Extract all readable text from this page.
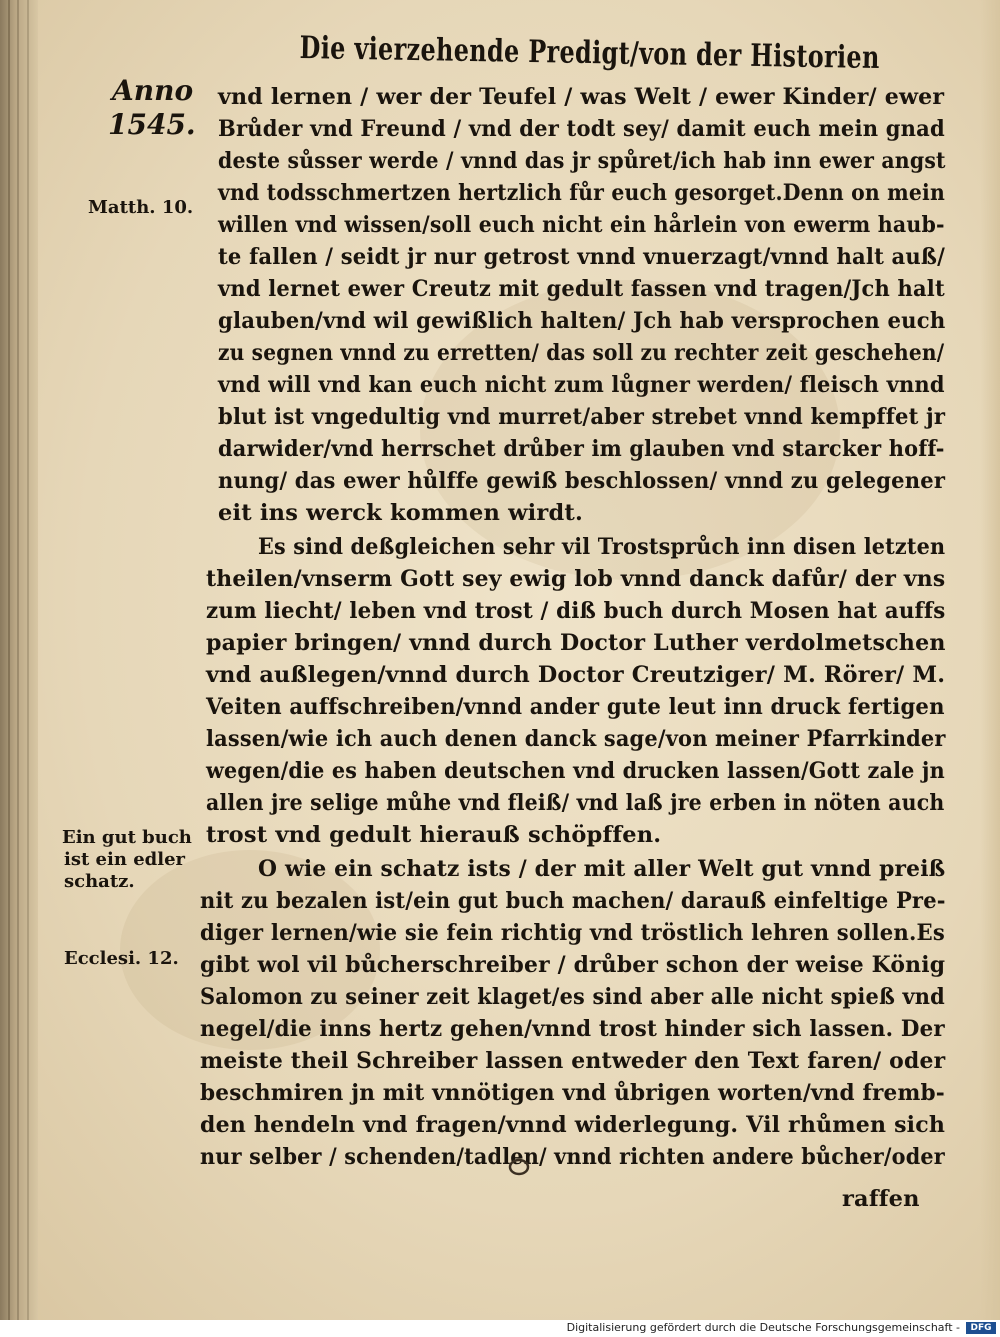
Die vierzehende Predigt/von der Historien
Anno
1545.
Matth. 10.
Ein gut buch
ist ein edler
schatz.
Ecclesi. 12.
vnd lernen / wer der Teufel / was Welt / ewer Kinder/ ewer
Brůder vnd Freund / vnd der todt sey/ damit euch mein gnad
deste sůsser werde / vnnd das jr spůret/ich hab inn ewer angst
vnd todsschmertzen hertzlich fůr euch gesorget.Denn on mein
willen vnd wissen/soll euch nicht ein hårlein von ewerm haub-
te fallen / seidt jr nur getrost vnnd vnuerzagt/vnnd halt auß/
vnd lernet ewer Creutz mit gedult fassen vnd tragen/Jch halt
glauben/vnd wil gewißlich halten/ Jch hab versprochen euch
zu segnen vnnd zu erretten/ das soll zu rechter zeit geschehen/
vnd will vnd kan euch nicht zum lůgner werden/ fleisch vnnd
blut ist vngedultig vnd murret/aber strebet vnnd kempffet jr
darwider/vnd herrschet drůber im glauben vnd starcker hoff-
nung/ das ewer hůlffe gewiß beschlossen/ vnnd zu gelegener
eit ins werck kommen wirdt.
Es sind deßgleichen sehr vil Trostsprůch inn disen letzten
theilen/vnserm Gott sey ewig lob vnnd danck dafůr/ der vns
zum liecht/ leben vnd trost / diß buch durch Mosen hat auffs
papier bringen/ vnnd durch Doctor Luther verdolmetschen
vnd außlegen/vnnd durch Doctor Creutziger/ M. Rörer/ M.
Veiten auffschreiben/vnnd ander gute leut inn druck fertigen
lassen/wie ich auch denen danck sage/von meiner Pfarrkinder
wegen/die es haben deutschen vnd drucken lassen/Gott zale jn
allen jre selige můhe vnd fleiß/ vnd laß jre erben in nöten auch
trost vnd gedult hierauß schöpffen.
O wie ein schatz ists / der mit aller Welt gut vnnd preiß
nit zu bezalen ist/ein gut buch machen/ darauß einfeltige Pre-
diger lernen/wie sie fein richtig vnd tröstlich lehren sollen.Es
gibt wol vil bůcherschreiber / drůber schon der weise König
Salomon zu seiner zeit klaget/es sind aber alle nicht spieß vnd
negel/die inns hertz gehen/vnnd trost hinder sich lassen. Der
meiste theil Schreiber lassen entweder den Text faren/ oder
beschmiren jn mit vnnötigen vnd ůbrigen worten/vnd fremb-
den hendeln vnd fragen/vnnd widerlegung. Vil rhůmen sich
nur selber / schenden/tadlen/ vnnd richten andere bůcher/oder
raffen
Digitalisierung gefördert durch die Deutsche Forschungsgemeinschaft -	DFG
